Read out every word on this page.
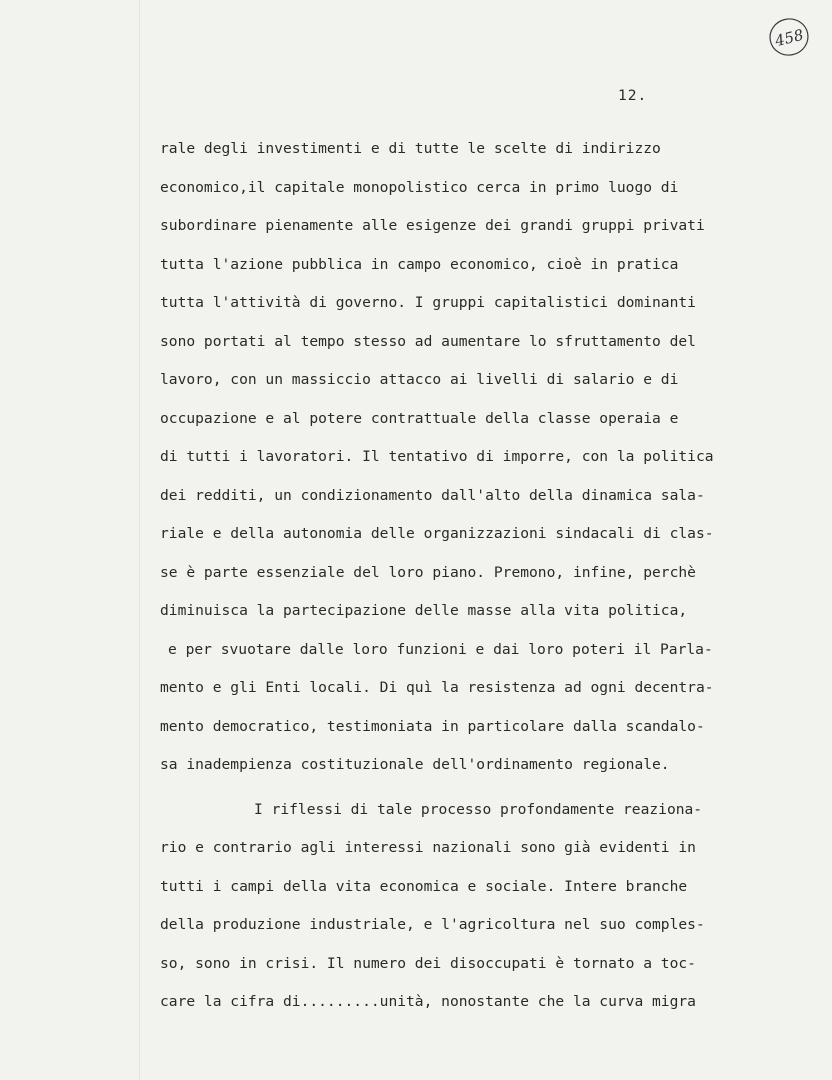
458
12.
rale degli investimenti e di tutte le scelte di indirizzo
economico,il capitale monopolistico cerca in primo luogo di
subordinare pienamente alle esigenze dei grandi gruppi privati
tutta l'azione pubblica in campo economico, cioè in pratica
tutta l'attività di governo. I gruppi capitalistici dominanti
sono portati al tempo stesso ad aumentare lo sfruttamento del
lavoro, con un massiccio attacco ai livelli di salario e di
occupazione e al potere contrattuale della classe operaia e
di tutti i lavoratori. Il tentativo di imporre, con la politica
dei redditi, un condizionamento dall'alto della dinamica sala-
riale e della autonomia delle organizzazioni sindacali di clas-
se è parte essenziale del loro piano. Premono, infine, perchè
diminuisca la partecipazione delle masse alla vita politica,
e per svuotare dalle loro funzioni e dai loro poteri il Parla-
mento e gli Enti locali. Di quì la resistenza ad ogni decentra-
mento democratico, testimoniata in particolare dalla scandalo-
sa inadempienza costituzionale dell'ordinamento regionale.
I riflessi di tale processo profondamente reaziona-
rio e contrario agli interessi nazionali sono già evidenti in
tutti i campi della vita economica e sociale. Intere branche
della produzione industriale, e l'agricoltura nel suo comples-
so, sono in crisi. Il numero dei disoccupati è tornato a toc-
care la cifra di.........unità, nonostante che la curva migra
